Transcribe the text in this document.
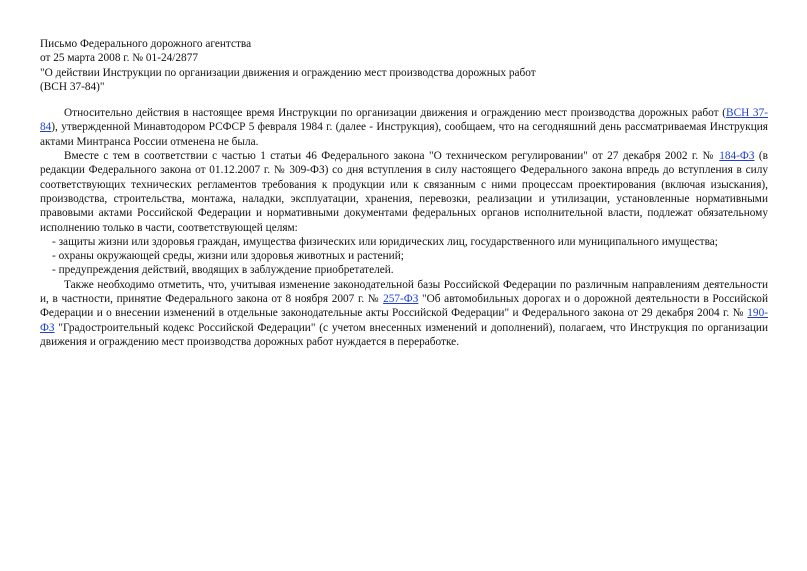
Письмо Федерального дорожного агентства

от 25 марта 2008 г. № 01-24/2877

"О действии Инструкции по организации движения и ограждению мест производства дорожных работ

(ВСН 37-84)"

Относительно действия в настоящее время Инструкции по организации движения и ограждению мест производства дорожных работ (ВСН 37-84), утвержденной Минавтодором РСФСР 5 февраля 1984 г. (далее - Инструкция), сообщаем, что на сегодняшний день рассматриваемая Инструкция актами Минтранса России отменена не была.

Вместе с тем в соответствии с частью 1 статьи 46 Федерального закона "О техническом регулировании" от 27 декабря 2002 г. № 184-ФЗ (в редакции Федерального закона от 01.12.2007 г. № 309-ФЗ) со дня вступления в силу настоящего Федерального закона впредь до вступления в силу соответствующих технических регламентов требования к продукции или к связанным с ними процессам проектирования (включая изыскания), производства, строительства, монтажа, наладки, эксплуатации, хранения, перевозки, реализации и утилизации, установленные нормативными правовыми актами Российской Федерации и нормативными документами федеральных органов исполнительной власти, подлежат обязательному исполнению только в части, соответствующей целям:

- защиты жизни или здоровья граждан, имущества физических или юридических лиц, государственного или муниципального имущества;

- охраны окружающей среды, жизни или здоровья животных и растений;

- предупреждения действий, вводящих в заблуждение приобретателей.

Также необходимо отметить, что, учитывая изменение законодательной базы Российской Федерации по различным направлениям деятельности и, в частности, принятие Федерального закона от 8 ноября 2007 г. № 257-ФЗ "Об автомобильных дорогах и о дорожной деятельности в Российской Федерации и о внесении изменений в отдельные законодательные акты Российской Федерации" и Федерального закона от 29 декабря 2004 г. № 190-ФЗ "Градостроительный кодекс Российской Федерации" (с учетом внесенных изменений и дополнений), полагаем, что Инструкция по организации движения и ограждению мест производства дорожных работ нуждается в переработке.
